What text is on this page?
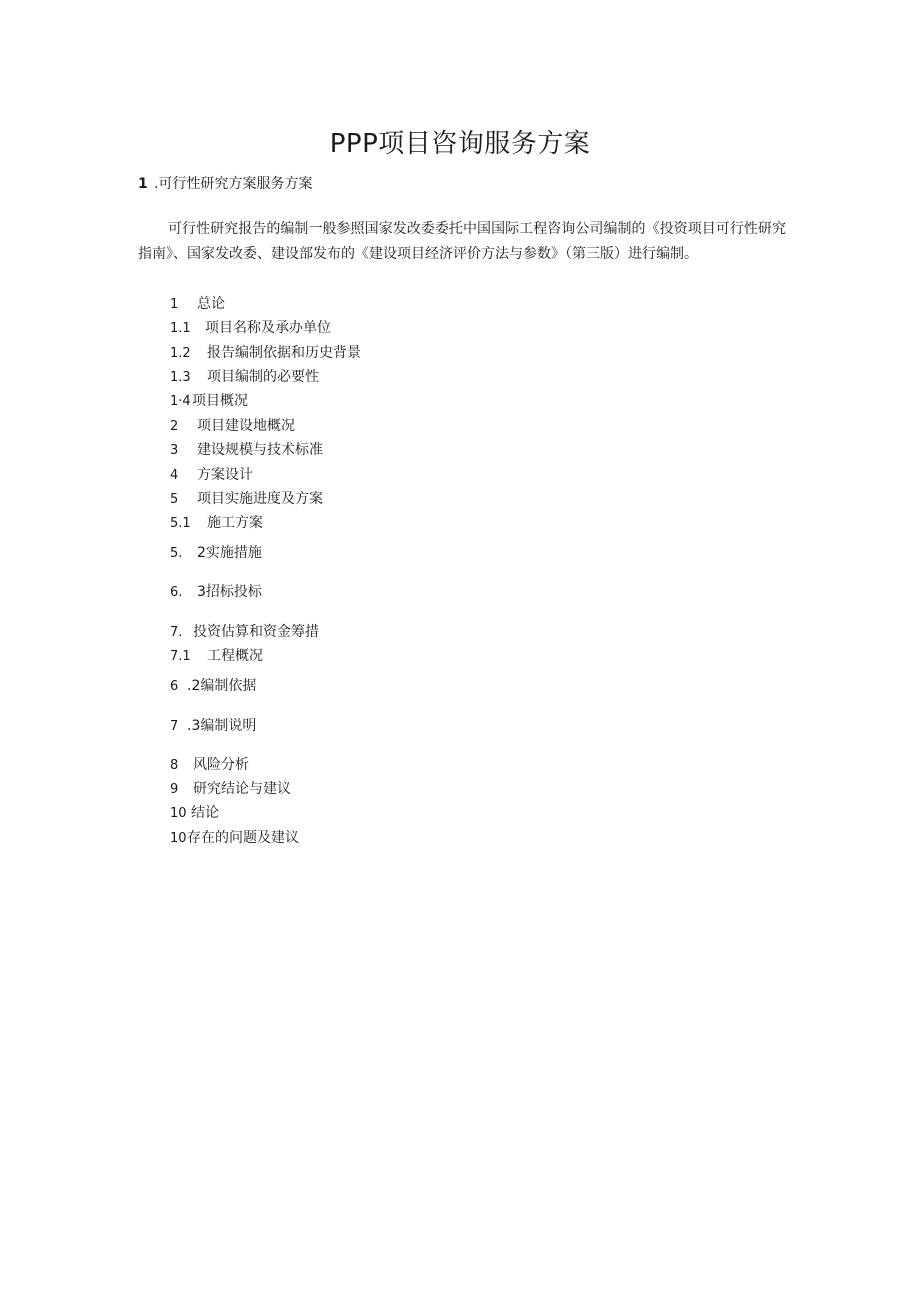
PPP项目咨询服务方案

1 .可行性研究方案服务方案

可行性研究报告的编制一般参照国家发改委委托中国国际工程咨询公司编制的《投资项目可行性研究指南》、国家发改委、建设部发布的《建设项目经济评价方法与参数》（第三版）进行编制。

1 总论

1.1 项目名称及承办单位

1.2 报告编制依据和历史背景

1.3 项目编制的必要性

1·4项目概况

2 项目建设地概况

3 建设规模与技术标准

4 方案设计

5 项目实施进度及方案

5.1 施工方案

5. 2实施措施

6. 3招标投标

7. 投资估算和资金筹措

7.1 工程概况

6 .2编制依据

7 .3编制说明

8 风险分析

9 研究结论与建议

10 结论

10存在的问题及建议
